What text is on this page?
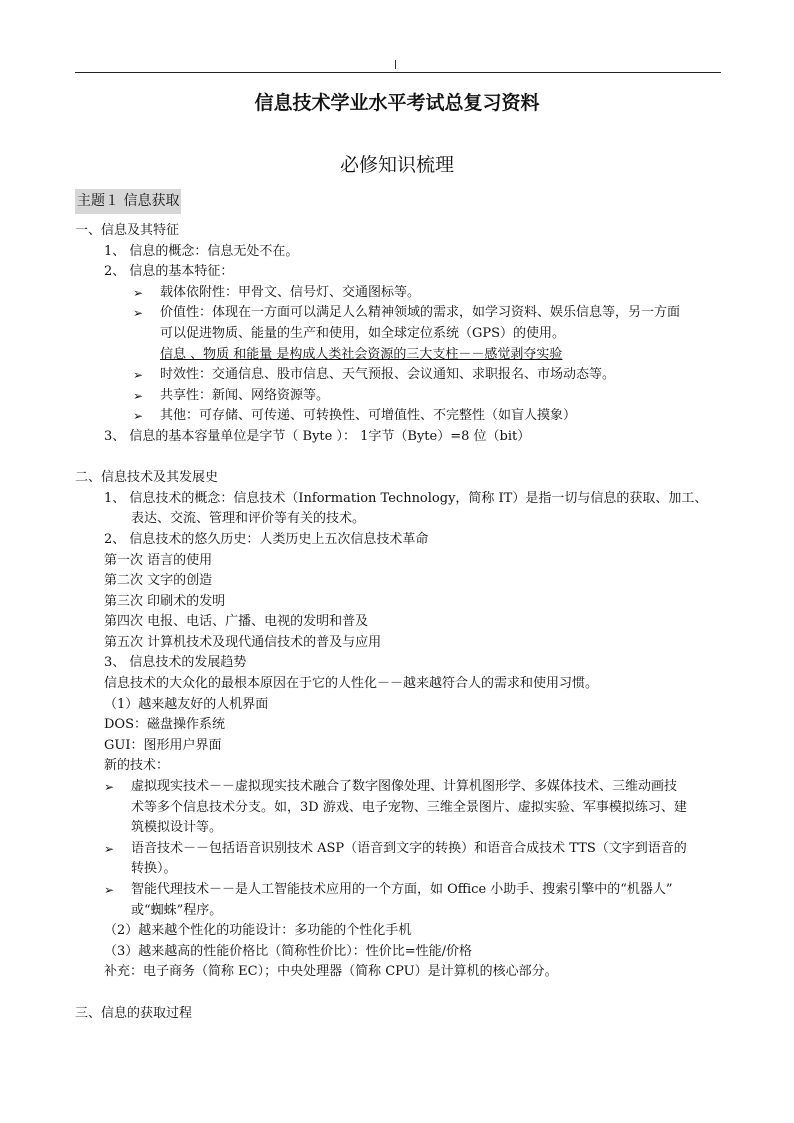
信息技术学业水平考试总复习资料
必修知识梳理
主题１ 信息获取
一、信息及其特征
1、 信息的概念：信息无处不在。
2、 信息的基本特征：
➢ 载体依附性：甲骨文、信号灯、交通图标等。
➢ 价值性：体现在一方面可以满足人么精神领域的需求，如学习资料、娱乐信息等，另一方面
可以促进物质、能量的生产和使用，如全球定位系统（GPS）的使用。
信息 、物质 和能量 是构成人类社会资源的三大支柱－－感觉剥夺实验
➢ 时效性：交通信息、股市信息、天气预报、会议通知、求职报名、市场动态等。
➢ 共享性：新闻、网络资源等。
➢ 其他：可存储、可传递、可转换性、可增值性、不完整性（如盲人摸象）
3、 信息的基本容量单位是字节（ Byte ）： 1字节（Byte）=8 位（bit）
二、信息技术及其发展史
1、 信息技术的概念：信息技术（Information Technology，简称 IT）是指一切与信息的获取、加工、
表达、交流、管理和评价等有关的技术。
2、 信息技术的悠久历史：人类历史上五次信息技术革命
第一次 语言的使用
第二次 文字的创造
第三次 印刷术的发明
第四次 电报、电话、广播、电视的发明和普及
第五次 计算机技术及现代通信技术的普及与应用
3、 信息技术的发展趋势
信息技术的大众化的最根本原因在于它的人性化－－越来越符合人的需求和使用习惯。
（1）越来越友好的人机界面
DOS：磁盘操作系统
GUI：图形用户界面
新的技术：
➢ 虚拟现实技术－－虚拟现实技术融合了数字图像处理、计算机图形学、多媒体技术、三维动画技
术等多个信息技术分支。如，3D 游戏、电子宠物、三维全景图片、虚拟实验、军事模拟练习、建
筑模拟设计等。
➢ 语音技术－－包括语音识别技术 ASP（语音到文字的转换）和语音合成技术 TTS（文字到语音的
转换）。
➢ 智能代理技术－－是人工智能技术应用的一个方面，如 Office 小助手、搜索引擎中的“机器人”
或“蜘蛛”程序。
（2）越来越个性化的功能设计：多功能的个性化手机
（3）越来越高的性能价格比（简称性价比）：性价比=性能/价格
补充：电子商务（简称 EC）；中央处理器（简称 CPU）是计算机的核心部分。
三、信息的获取过程
